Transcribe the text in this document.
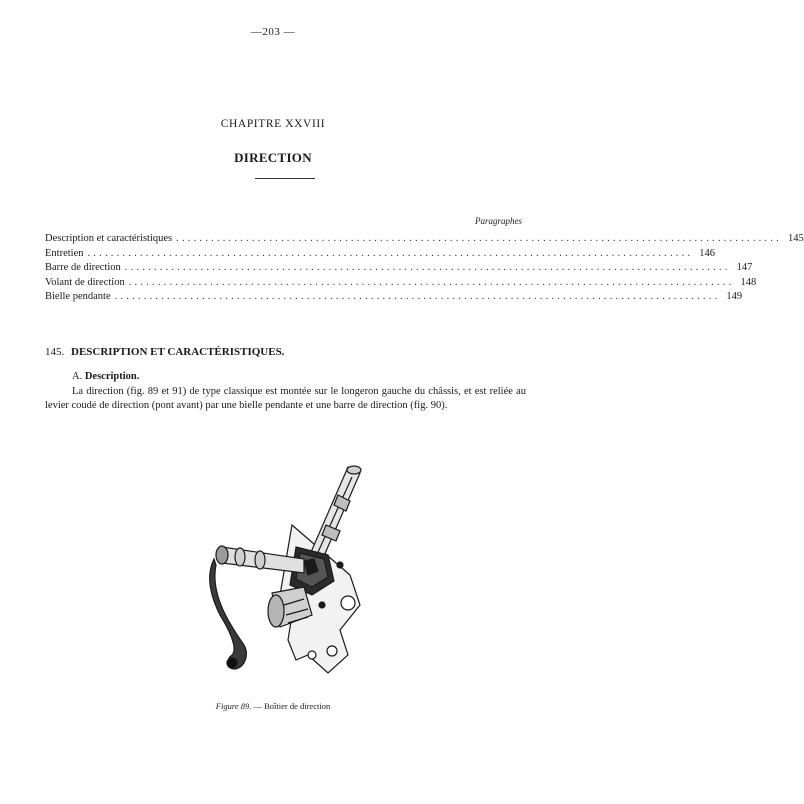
—203 —
CHAPITRE XXVIII
DIRECTION
Paragraphes
Description et caractéristiques ........................................................................................................ 145
Entretien ........................................................................................................ 146
Barre de direction ........................................................................................................ 147
Volant de direction ........................................................................................................ 148
Bielle pendante ........................................................................................................ 149
145. DESCRIPTION ET CARACTÉRISTIQUES.
A. Description.
La direction (fig. 89 et 91) de type classique est montée sur le longeron gauche du châssis, et est reliée au levier coudé de direction (pont avant) par une bielle pendante et une barre de direction (fig. 90).
Figure 89. — Boîtier de direction
